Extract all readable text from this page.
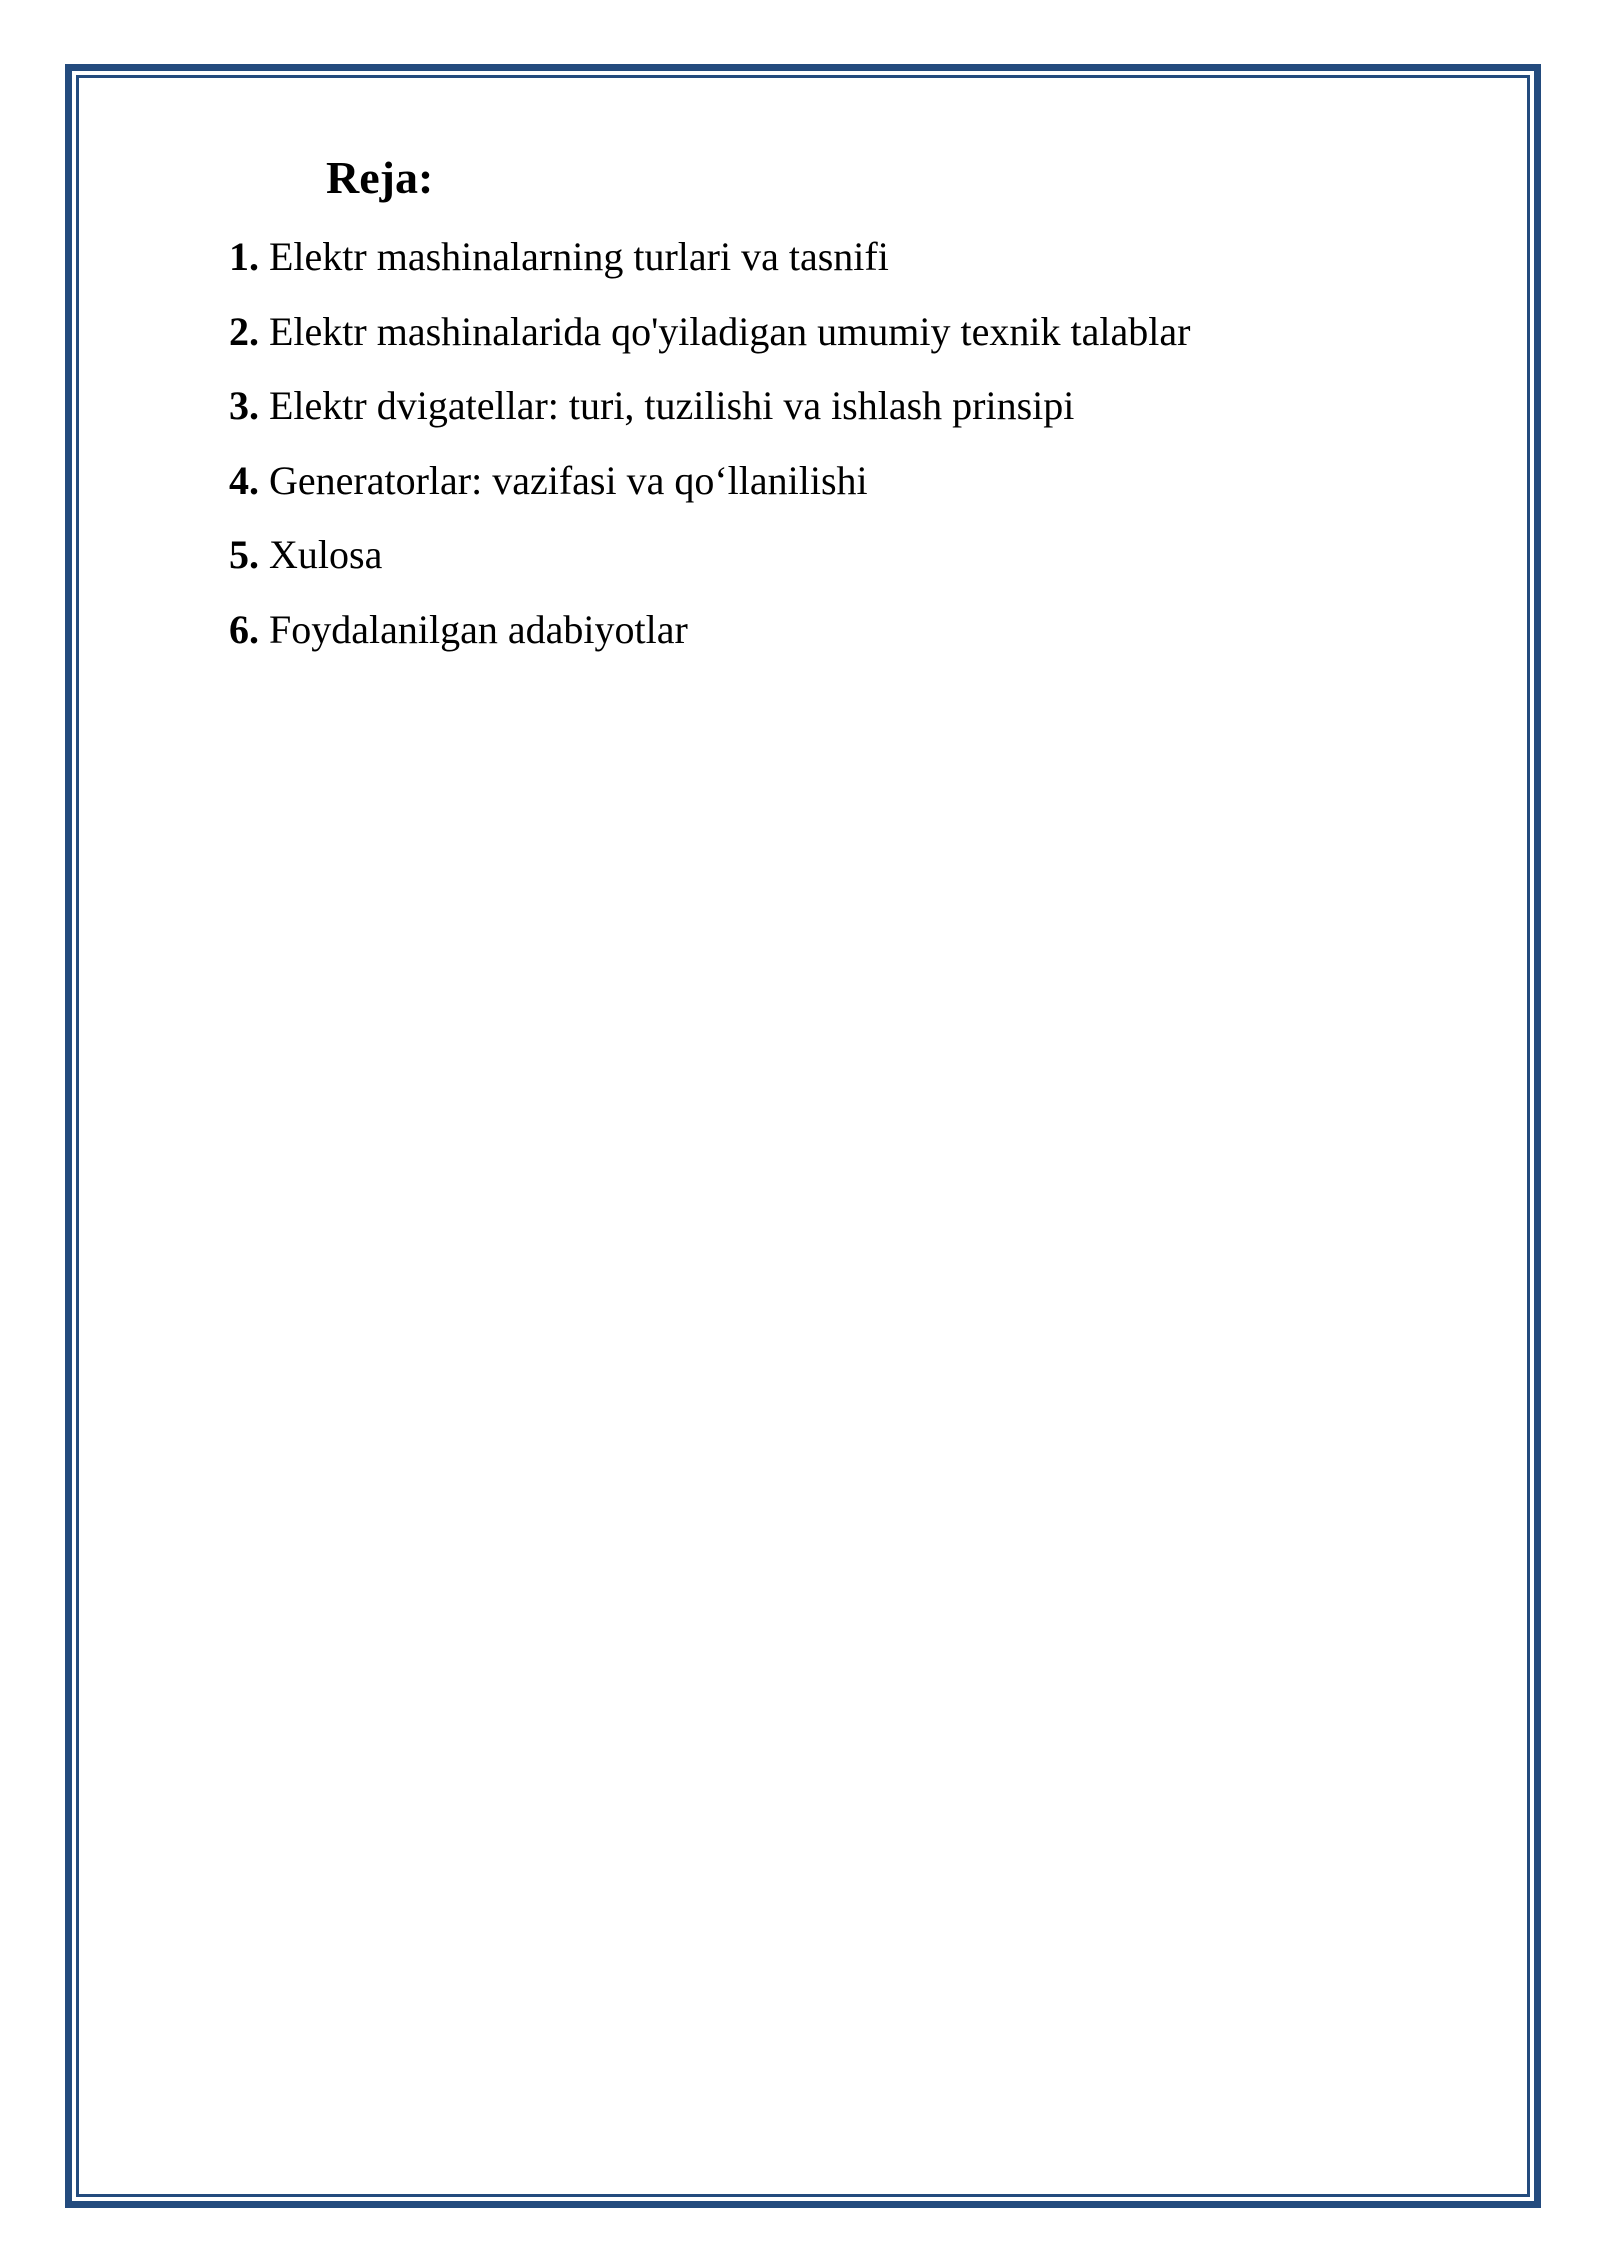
Reja:
1. Elektr mashinalarning turlari va tasnifi
2. Elektr mashinalarida qo'yiladigan umumiy texnik talablar
3. Elektr dvigatellar: turi, tuzilishi va ishlash prinsipi
4. Generatorlar: vazifasi va qo‘llanilishi
5. Xulosa
6. Foydalanilgan adabiyotlar
